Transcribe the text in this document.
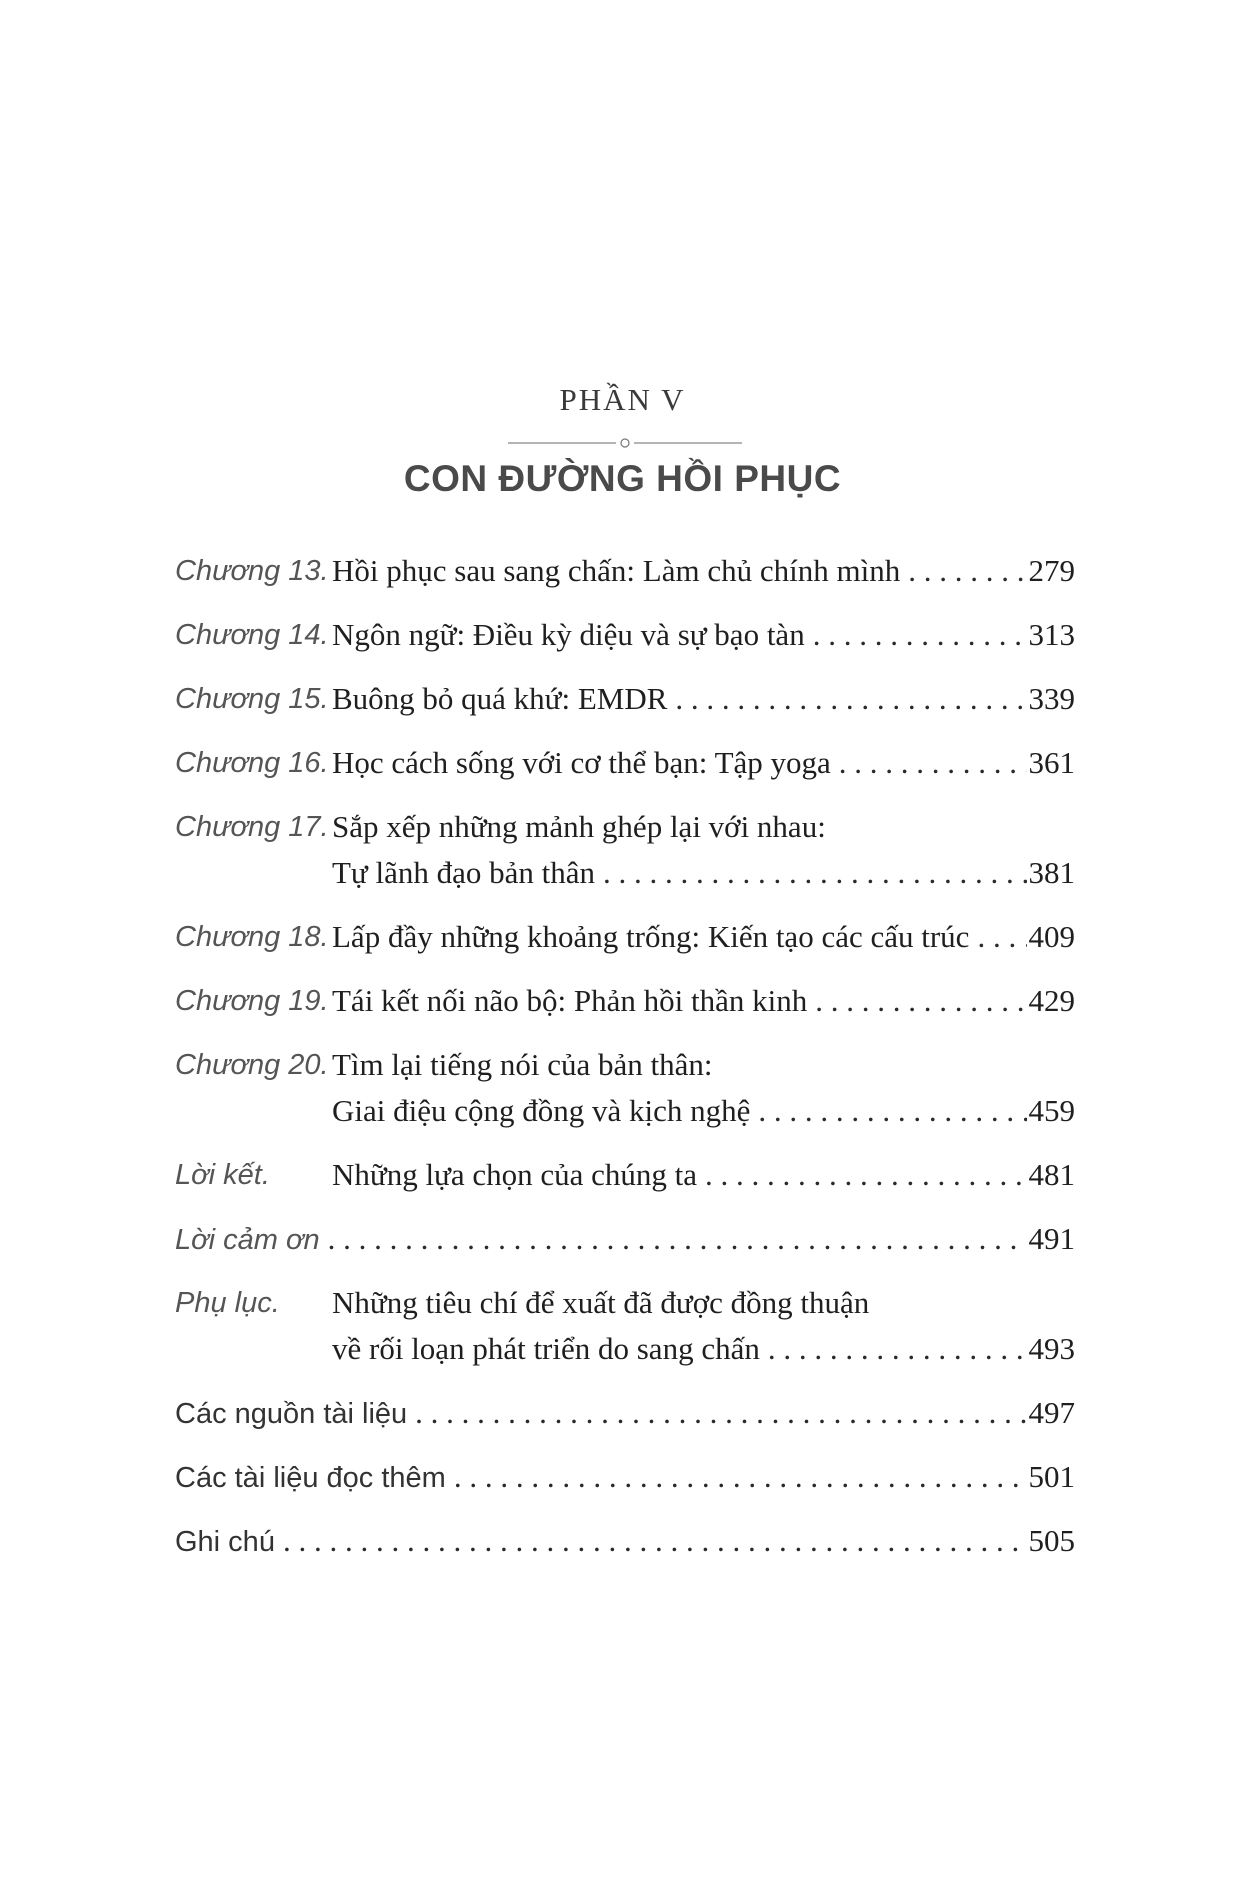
PHẦN V
CON ĐƯỜNG HỒI PHỤC
Chương 13. Hồi phục sau sang chấn: Làm chủ chính mình . . .	279
Chương 14. Ngôn ngữ: Điều kỳ diệu và sự bạo tàn . . .	313
Chương 15. Buông bỏ quá khứ: EMDR . . .	339
Chương 16. Học cách sống với cơ thể bạn: Tập yoga . . .	361
Chương 17. Sắp xếp những mảnh ghép lại với nhau:
Tự lãnh đạo bản thân . . .	381
Chương 18. Lấp đầy những khoảng trống: Kiến tạo các cấu trúc . . . 409
Chương 19. Tái kết nối não bộ: Phản hồi thần kinh . . .	429
Chương 20. Tìm lại tiếng nói của bản thân:
Giai điệu cộng đồng và kịch nghệ . . .	459
Lời kết. Những lựa chọn của chúng ta . . .	481
Lời cảm ơn . . .	491
Phụ lục. Những tiêu chí để xuất đã được đồng thuận
về rối loạn phát triển do sang chấn . . .	493
Các nguồn tài liệu . . .	497
Các tài liệu đọc thêm . . .	501
Ghi chú . . .	505
